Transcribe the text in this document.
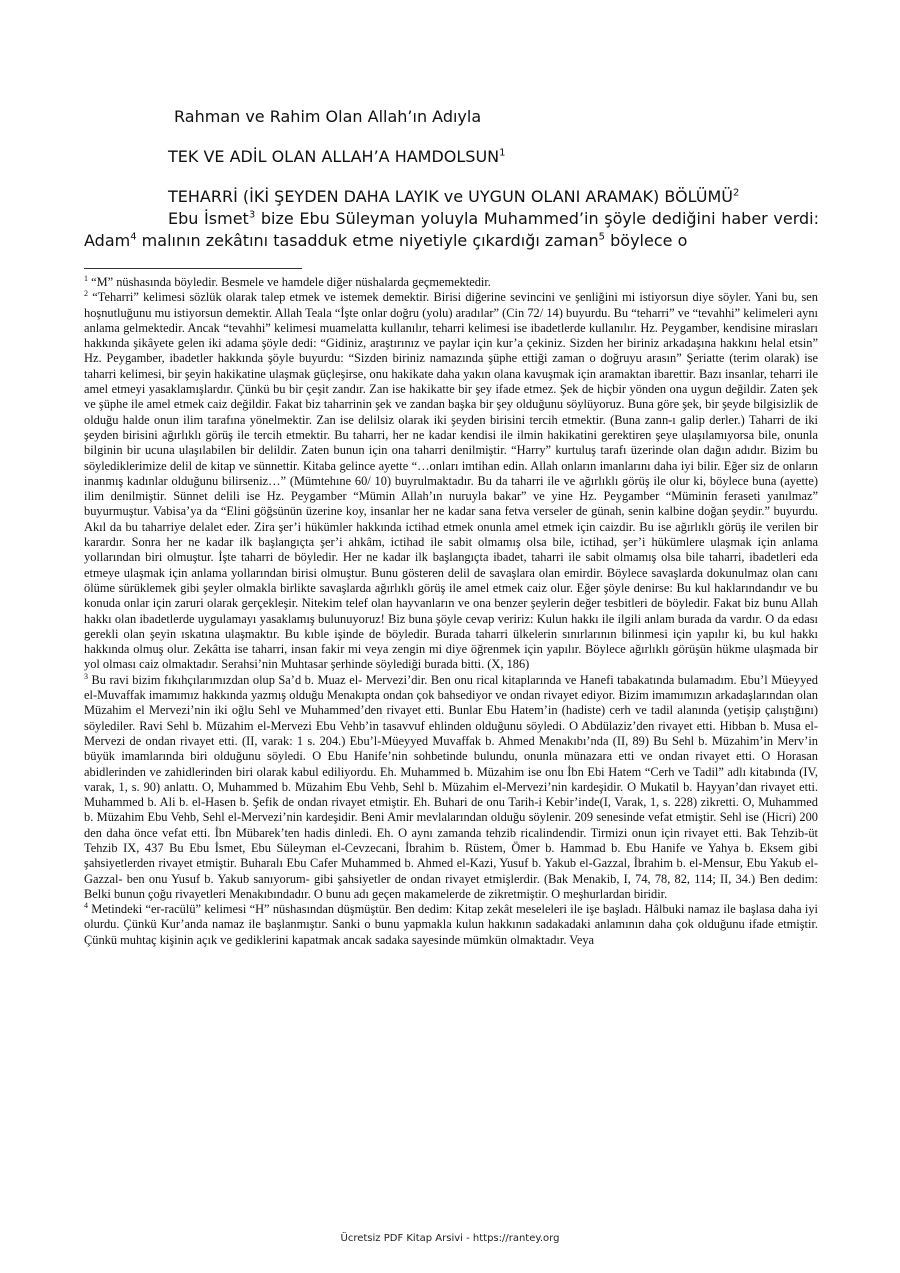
Rahman ve Rahim Olan Allah’ın Adıyla
TEK VE ADİL OLAN ALLAH’A HAMDOLSUN$^1$
TEHARRİ (İKİ ŞEYDEN DAHA LAYIK ve UYGUN OLANI ARAMAK) BÖLÜMÜ$^2$
Ebu İsmet$^3$ bize Ebu Süleyman yoluyla Muhammed’in şöyle dediğini haber verdi: Adam$^4$ malının zekâtını tasadduk etme niyetiyle çıkardığı zaman$^5$ böylece o

$^1$ “M” nüshasında böyledir. Besmele ve hamdele diğer nüshalarda geçmemektedir.

$^2$ “Teharri” kelimesi sözlük olarak talep etmek ve istemek demektir. Birisi diğerine sevincini ve şenliğini mi istiyorsun diye söyler. Yani bu, sen hoşnutluğunu mu istiyorsun demektir. Allah Teala “İşte onlar doğru (yolu) aradılar” (Cin 72/ 14) buyurdu. Bu “teharri” ve “tevahhi” kelimeleri aynı anlama gelmektedir. Ancak “tevahhi” kelimesi muamelatta kullanılır, teharri kelimesi ise ibadetlerde kullanılır. Hz. Peygamber, kendisine mirasları hakkında şikâyete gelen iki adama şöyle dedi: “Gidiniz, araştırınız ve paylar için kur’a çekiniz. Sizden her biriniz arkadaşına hakkını helal etsin” Hz. Peygamber, ibadetler hakkında şöyle buyurdu: “Sizden biriniz namazında şüphe ettiği zaman o doğruyu arasın” Şeriatte (terim olarak) ise taharri kelimesi, bir şeyin hakikatine ulaşmak güçleşirse, onu hakikate daha yakın olana kavuşmak için aramaktan ibarettir. Bazı insanlar, teharri ile amel etmeyi yasaklamışlardır. Çünkü bu bir çeşit zandır. Zan ise hakikatte bir şey ifade etmez. Şek de hiçbir yönden ona uygun değildir. Zaten şek ve şüphe ile amel etmek caiz değildir. Fakat biz taharrinin şek ve zandan başka bir şey olduğunu söylüyoruz. Buna göre şek, bir şeyde bilgisizlik de olduğu halde onun ilim tarafına yönelmektir. Zan ise delilsiz olarak iki şeyden birisini tercih etmektir. (Buna zann-ı galip derler.) Taharri de iki şeyden birisini ağırlıklı görüş ile tercih etmektir. Bu taharri, her ne kadar kendisi ile ilmin hakikatini gerektiren şeye ulaşılamıyorsa bile, onunla bilginin bir ucuna ulaşılabilen bir delildir. Zaten bunun için ona taharri denilmiştir. “Harry” kurtuluş tarafı üzerinde olan dağın adıdır. Bizim bu söylediklerimize delil de kitap ve sünnettir. Kitaba gelince ayette “…onları imtihan edin. Allah onların imanlarını daha iyi bilir. Eğer siz de onların inanmış kadınlar olduğunu bilirseniz…” (Mümtehıne 60/ 10) buyrulmaktadır. Bu da taharri ile ve ağırlıklı görüş ile olur ki, böylece buna (ayette) ilim denilmiştir. Sünnet delili ise Hz. Peygamber “Mümin Allah’ın nuruyla bakar” ve yine Hz. Peygamber “Müminin feraseti yanılmaz” buyurmuştur. Vabisa’ya da “Elini göğsünün üzerine koy, insanlar her ne kadar sana fetva verseler de günah, senin kalbine doğan şeydir.” buyurdu. Akıl da bu taharriye delalet eder. Zira şer’i hükümler hakkında ictihad etmek onunla amel etmek için caizdir. Bu ise ağırlıklı görüş ile verilen bir karardır. Sonra her ne kadar ilk başlangıçta şer’i ahkâm, ictihad ile sabit olmamış olsa bile, ictihad, şer’i hükümlere ulaşmak için anlama yollarından biri olmuştur. İşte taharri de böyledir. Her ne kadar ilk başlangıçta ibadet, taharri ile sabit olmamış olsa bile taharri, ibadetleri eda etmeye ulaşmak için anlama yollarından birisi olmuştur. Bunu gösteren delil de savaşlara olan emirdir. Böylece savaşlarda dokunulmaz olan canı ölüme sürüklemek gibi şeyler olmakla birlikte savaşlarda ağırlıklı görüş ile amel etmek caiz olur. Eğer şöyle denirse: Bu kul haklarındandır ve bu konuda onlar için zaruri olarak gerçekleşir. Nitekim telef olan hayvanların ve ona benzer şeylerin değer tesbitleri de böyledir. Fakat biz bunu Allah hakkı olan ibadetlerde uygulamayı yasaklamış bulunuyoruz! Biz buna şöyle cevap veririz: Kulun hakkı ile ilgili anlam burada da vardır. O da edası gerekli olan şeyin ıskatına ulaşmaktır. Bu kıble işinde de böyledir. Burada taharri ülkelerin sınırlarının bilinmesi için yapılır ki, bu kul hakkı hakkında olmuş olur. Zekâtta ise taharri, insan fakir mi veya zengin mi diye öğrenmek için yapılır. Böylece ağırlıklı görüşün hükme ulaşmada bir yol olması caiz olmaktadır. Serahsi’nin Muhtasar şerhinde söylediği burada bitti. (X, 186)

$^3$ Bu ravi bizim fıkıhçılarımızdan olup Sa’d b. Muaz el- Mervezi’dir. Ben onu rical kitaplarında ve Hanefi tabakatında bulamadım. Ebu’l Müeyyed el-Muvaffak imamımız hakkında yazmış olduğu Menakıpta ondan çok bahsediyor ve ondan rivayet ediyor. Bizim imamımızın arkadaşlarından olan Müzahim el Mervezi’nin iki oğlu Sehl ve Muhammed’den rivayet etti. Bunlar Ebu Hatem’in (hadiste) cerh ve tadil alanında (yetişip çalıştığını) söylediler. Ravi Sehl b. Müzahim el-Mervezi Ebu Vehb’in tasavvuf ehlinden olduğunu söyledi. O Abdülaziz’den rivayet etti. Hibban b. Musa el-Mervezi de ondan rivayet etti. (II, varak: 1 s. 204.) Ebu’l-Müeyyed Muvaffak b. Ahmed Menakıbı’nda (II, 89) Bu Sehl b. Müzahim’in Merv’in büyük imamlarında biri olduğunu söyledi. O Ebu Hanife’nin sohbetinde bulundu, onunla münazara etti ve ondan rivayet etti. O Horasan abidlerinden ve zahidlerinden biri olarak kabul ediliyordu. Eh. Muhammed b. Müzahim ise onu İbn Ebi Hatem “Cerh ve Tadil” adlı kitabında (IV, varak, 1, s. 90) anlattı. O, Muhammed b. Müzahim Ebu Vehb, Sehl b. Müzahim el-Mervezi’nin kardeşidir. O Mukatil b. Hayyan’dan rivayet etti. Muhammed b. Ali b. el-Hasen b. Şefik de ondan rivayet etmiştir. Eh. Buhari de onu Tarih-i Kebir’inde(I, Varak, 1, s. 228) zikretti. O, Muhammed b. Müzahim Ebu Vehb, Sehl el-Mervezi’nin kardeşidir. Beni Amir mevlalarından olduğu söylenir. 209 senesinde vefat etmiştir. Sehl ise (Hicri) 200 den daha önce vefat etti. İbn Mübarek’ten hadis dinledi. Eh. O aynı zamanda tehzib ricalindendir. Tirmizi onun için rivayet etti. Bak Tehzib-üt Tehzib IX, 437 Bu Ebu İsmet, Ebu Süleyman el-Cevzecani, İbrahim b. Rüstem, Ömer b. Hammad b. Ebu Hanife ve Yahya b. Eksem gibi şahsiyetlerden rivayet etmiştir. Buharalı Ebu Cafer Muhammed b. Ahmed el-Kazi, Yusuf b. Yakub el-Gazzal, İbrahim b. el-Mensur, Ebu Yakub el-Gazzal- ben onu Yusuf b. Yakub sanıyorum- gibi şahsiyetler de ondan rivayet etmişlerdir. (Bak Menakib, I, 74, 78, 82, 114; II, 34.) Ben dedim: Belki bunun çoğu rivayetleri Menakıbındadır. O bunu adı geçen makamelerde de zikretmiştir. O meşhurlardan biridir.

$^4$ Metindeki “er-racülü” kelimesi “H” nüshasından düşmüştür. Ben dedim: Kitap zekât meseleleri ile işe başladı. Hâlbuki namaz ile başlasa daha iyi olurdu. Çünkü Kur’anda namaz ile başlanmıştır. Sanki o bunu yapmakla kulun hakkının sadakadaki anlamının daha çok olduğunu ifade etmiştir. Çünkü muhtaç kişinin açık ve gediklerini kapatmak ancak sadaka sayesinde mümkün olmaktadır. Veya

Ücretsiz PDF Kitap Arsivi - https://rantey.org
